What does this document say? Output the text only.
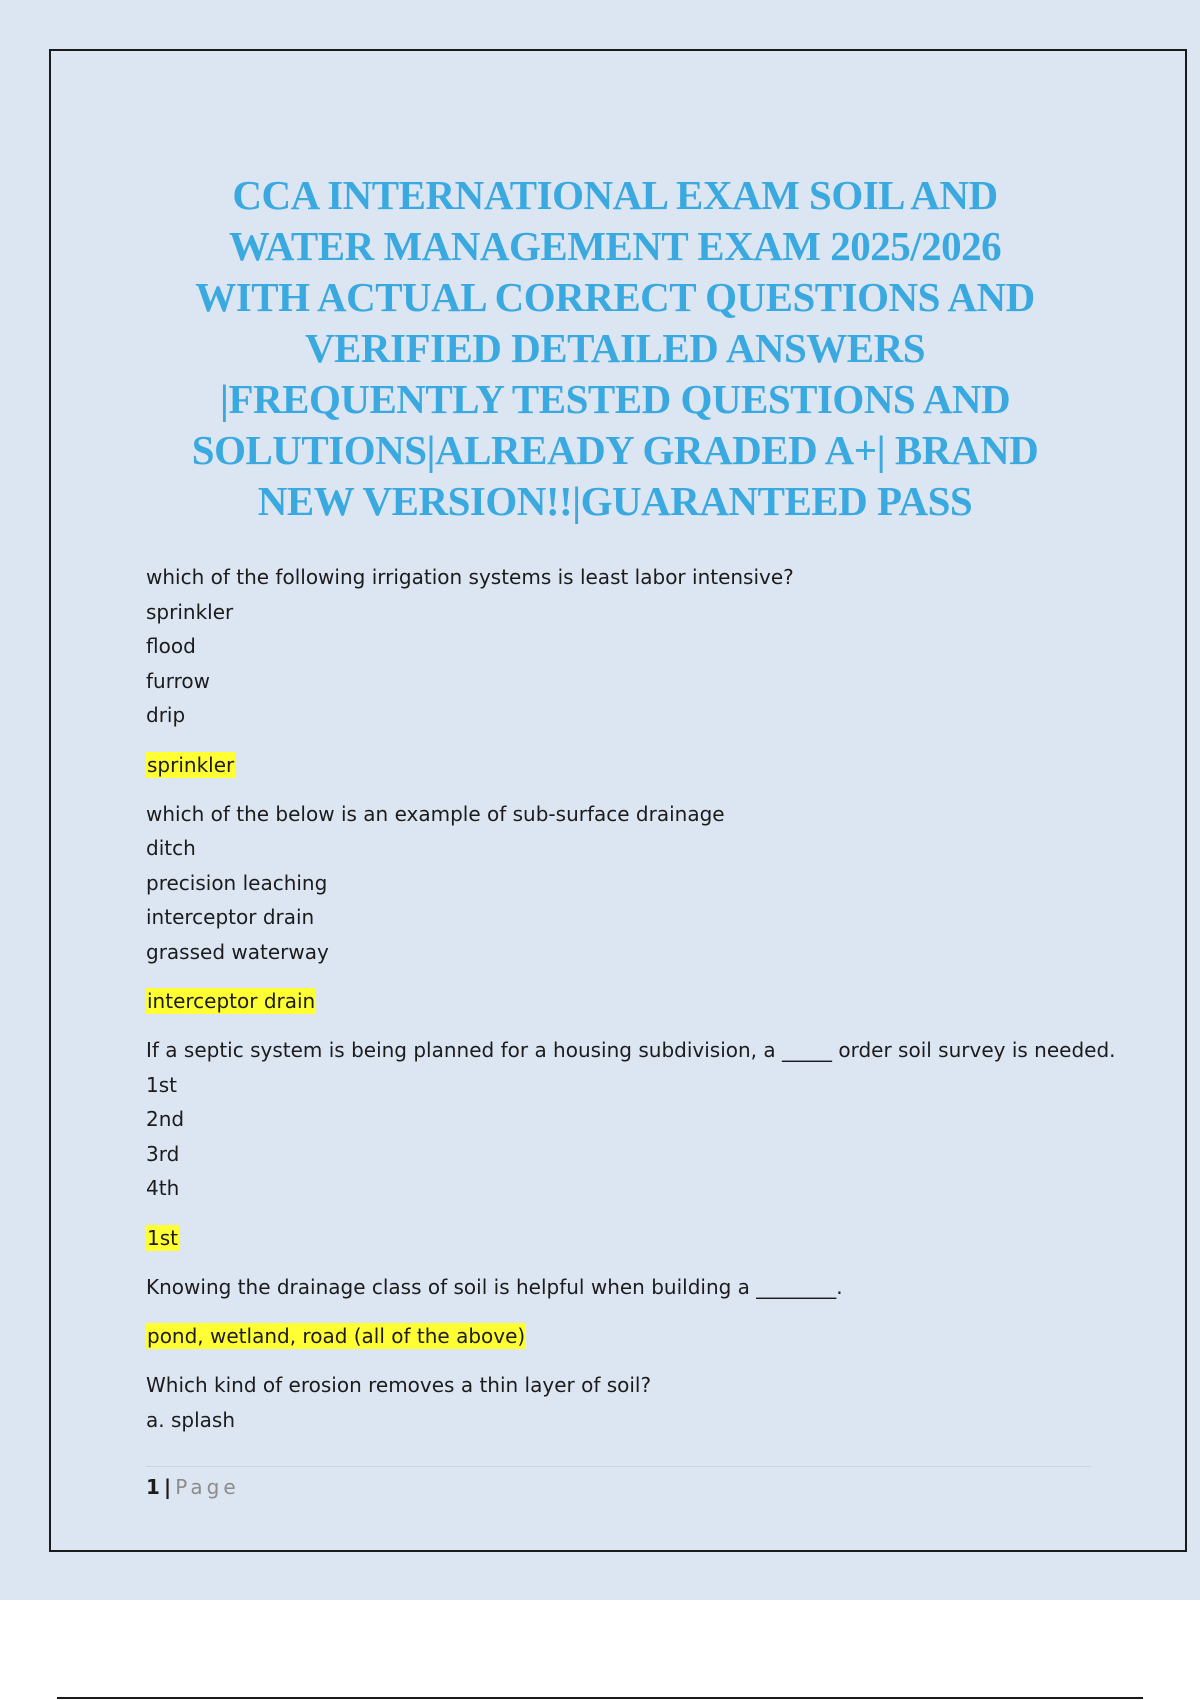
CCA INTERNATIONAL EXAM SOIL AND
WATER MANAGEMENT EXAM 2025/2026
WITH ACTUAL CORRECT QUESTIONS AND
VERIFIED DETAILED ANSWERS
|FREQUENTLY TESTED QUESTIONS AND
SOLUTIONS|ALREADY GRADED A+| BRAND
NEW VERSION!!|GUARANTEED PASS
which of the following irrigation systems is least labor intensive?
sprinkler
flood
furrow
drip
sprinkler
which of the below is an example of sub-surface drainage
ditch
precision leaching
interceptor drain
grassed waterway
interceptor drain
If a septic system is being planned for a housing subdivision, a _____ order soil survey is needed.
1st
2nd
3rd
4th
1st
Knowing the drainage class of soil is helpful when building a ________.
pond, wetland, road (all of the above)
Which kind of erosion removes a thin layer of soil?
a. splash
1 | Page
